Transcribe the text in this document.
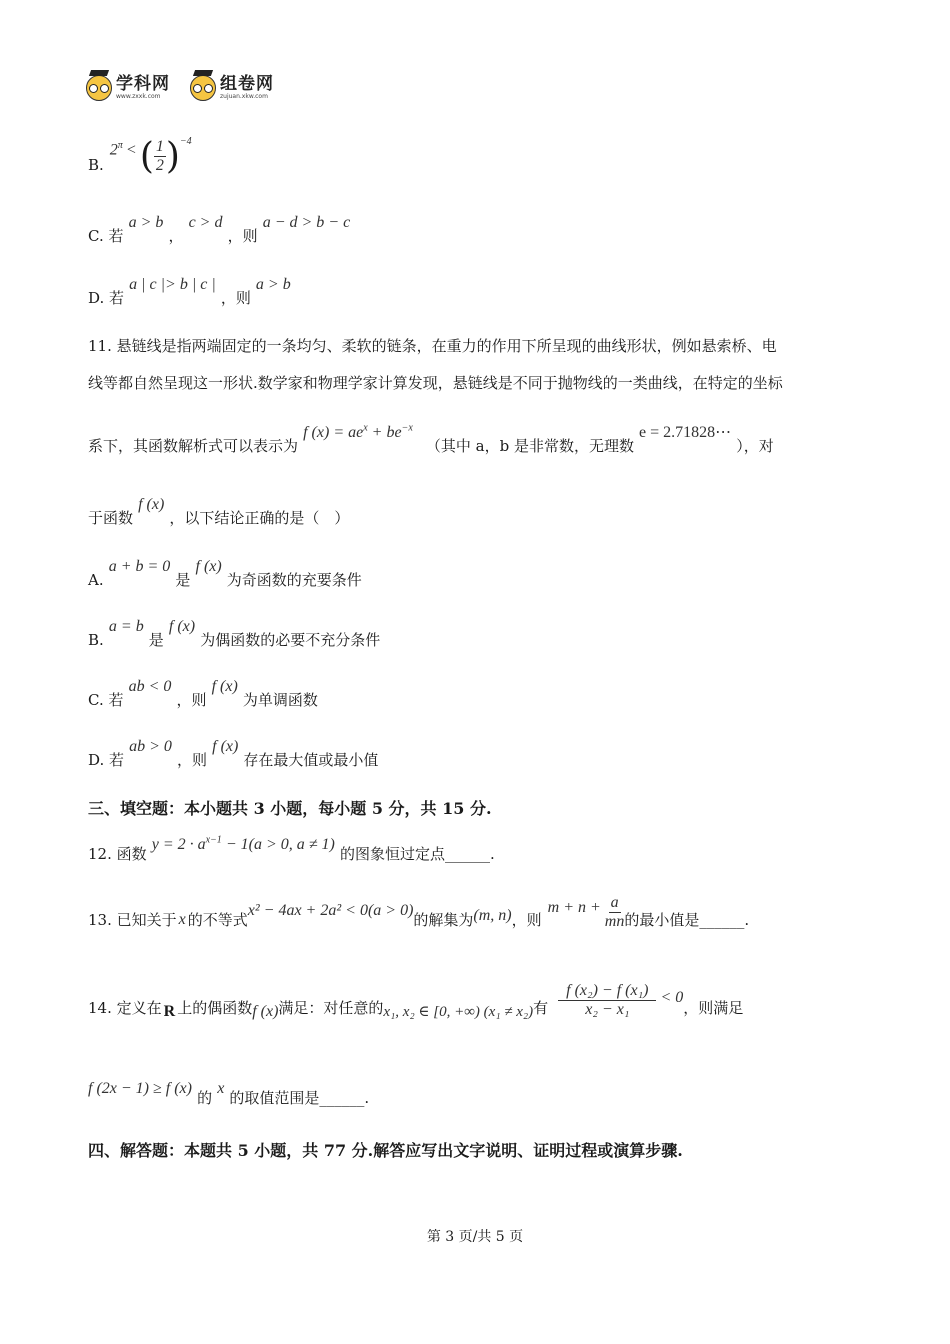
学科网
www.zxxk.com
组卷网
zujuan.xkw.com
B.
$2^\pi$ < ( $\frac{1}{2}$ ) −4
C. 若 a > b ， c > d ，则 a − d > b − c
D. 若 a | c |> b | c | ，则 a > b
11. 悬链线是指两端固定的一条均匀、柔软的链条，在重力的作用下所呈现的曲线形状，例如悬索桥、电
线等都自然呈现这一形状.数学家和物理学家计算发现，悬链线是不同于抛物线的一类曲线，在特定的坐标
系下，其函数解析式可以表示为 f $(x) = ae^x + be^{-x}$ （其中 a，b 是非常数，无理数 e = 2.71828⋯ ），对
于函数 f (x) ，以下结论正确的是（　）
A. a + b = 0 是 f (x) 为奇函数的充要条件
B. a = b 是 f (x) 为偶函数的必要不充分条件
C. 若 ab < 0 ，则 f (x) 为单调函数
D. 若 ab > 0 ，则 f (x) 存在最大值或最小值
三、填空题：本小题共 3 小题，每小题 5 分，共 15 分.
12. 函数 $y = 2 \cdot a^{x-1} - 1(a > 0$, a ≠ 1) 的图象恒过定点______.
13. 已知关于 x 的不等式
x² − 4ax + 2a² < 0(a > 0)
的解集为 (m, n) ，则
$m + n + \frac{a}{mn}$ 的最小值是______.
14. 定义在 R 上的偶函数 f (x) 满足：对任意的 x₁, x₂ ∈ [0, +∞) (x₁ ≠ x₂) 有 $\frac{\text{f (x₂) − f (x₁)}}{\text{x₂ − x₁}} < 0$
，则满足
f (2x − 1) ≥ f (x) 的 x 的取值范围是______.
四、解答题：本题共 5 小题，共 77 分.解答应写出文字说明、证明过程或演算步骤.
第 3 页/共 5 页
